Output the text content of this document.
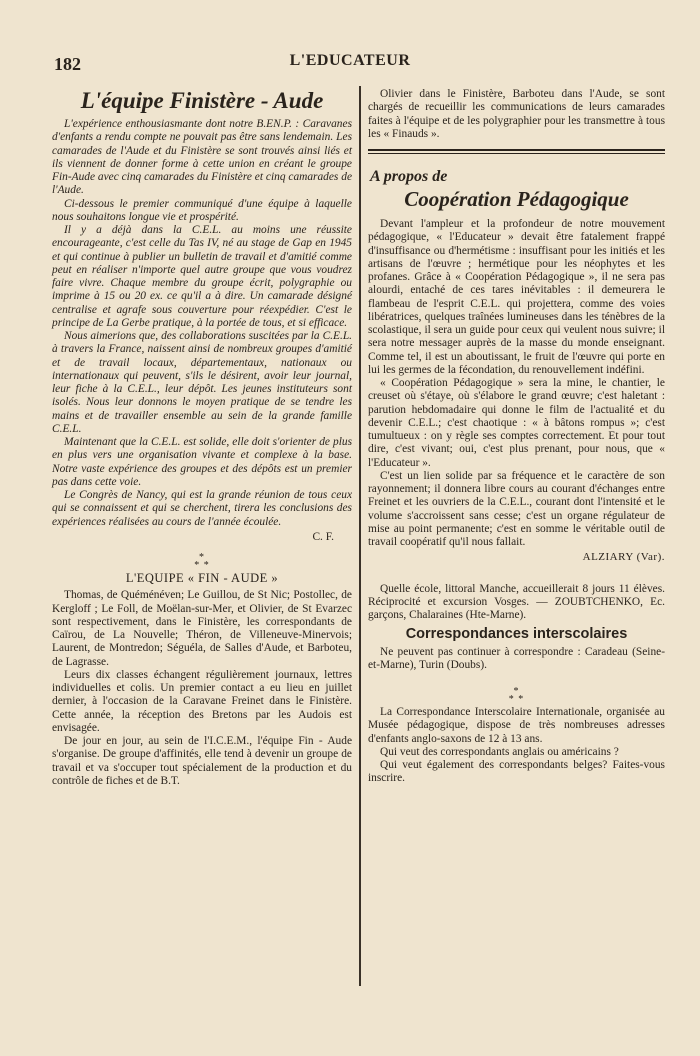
182	L'EDUCATEUR
L'équipe Finistère - Aude

L'expérience enthousiasmante dont notre B.EN.P. : Caravanes d'enfants a rendu compte ne pouvait pas être sans lendemain. Les camarades de l'Aude et du Finistère se sont trouvés ainsi liés et ils viennent de donner forme à cette union en créant le groupe Fin-Aude avec cinq camarades du Finistère et cinq camarades de l'Aude.

Ci-dessous le premier communiqué d'une équipe à laquelle nous souhaitons longue vie et prospérité.

Il y a déjà dans la C.E.L. au moins une réussite encourageante, c'est celle du Tas IV, né au stage de Gap en 1945 et qui continue à publier un bulletin de travail et d'amitié comme peut en réaliser n'importe quel autre groupe que vous voudrez faire vivre. Chaque membre du groupe écrit, polygraphie ou imprime à 15 ou 20 ex. ce qu'il a à dire. Un camarade désigné centralise et agrafe sous couverture pour réexpédier. C'est le principe de La Gerbe pratique, à la portée de tous, et si efficace.

Nous aimerions que, des collaborations suscitées par la C.E.L. à travers la France, naissent ainsi de nombreux groupes d'amitié et de travail locaux, départementaux, nationaux ou internationaux qui peuvent, s'ils le désirent, avoir leur journal, leur fiche à la C.E.L., leur dépôt. Les jeunes instituteurs sont isolés. Nous leur donnons le moyen pratique de se tendre les mains et de travailler ensemble au sein de la grande famille C.E.L.

Maintenant que la C.E.L. est solide, elle doit s'orienter de plus en plus vers une organisation vivante et complexe à la base. Notre vaste expérience des groupes et des dépôts est un premier pas dans cette voie.

Le Congrès de Nancy, qui est la grande réunion de tous ceux qui se connaissent et qui se cherchent, tirera les conclusions des expériences réalisées au cours de l'année écoulée.

C. F.
*
* *
L'EQUIPE « FIN - AUDE »

Thomas, de Quéménéven; Le Guillou, de St Nic; Postollec, de Kergloff ; Le Foll, de Moëlan-sur-Mer, et Olivier, de St Evarzec sont respectivement, dans le Finistère, les correspondants de Caïrou, de La Nouvelle; Théron, de Villeneuve-Minervois; Laurent, de Montredon; Séguéla, de Salles d'Aude, et Barboteu, de Lagrasse.

Leurs dix classes échangent régulièrement journaux, lettres individuelles et colis. Un premier contact a eu lieu en juillet dernier, à l'occasion de la Caravane Freinet dans le Finistère. Cette année, la réception des Bretons par les Audois est envisagée.

De jour en jour, au sein de l'I.C.E.M., l'équipe Fin - Aude s'organise. De groupe d'affinités, elle tend à devenir un groupe de travail et va s'occuper tout spécialement de la production et du contrôle de fiches et de B.T.

Olivier dans le Finistère, Barboteu dans l'Aude, se sont chargés de recueillir les communications de leurs camarades faites à l'équipe et de les polygraphier pour les transmettre à tous les « Finauds ».

A propos de
Coopération Pédagogique

Devant l'ampleur et la profondeur de notre mouvement pédagogique, « l'Educateur » devait être fatalement frappé d'insuffisance ou d'hermétisme : insuffisant pour les initiés et les artisans de l'œuvre ; hermétique pour les néophytes et les profanes. Grâce à « Coopération Pédagogique », il ne sera pas alourdi, entaché de ces tares inévitables : il demeurera le flambeau de l'esprit C.E.L. qui projettera, comme des voies libératrices, quelques traînées lumineuses dans les ténèbres de la scolastique, il sera un guide pour ceux qui veulent nous suivre; il sera notre messager auprès de la masse du monde enseignant. Comme tel, il est un aboutissant, le fruit de l'œuvre qui porte en lui les germes de la fécondation, du renouvellement indéfini.

« Coopération Pédagogique » sera la mine, le chantier, le creuset où s'étaye, où s'élabore le grand œuvre; c'est haletant : parution hebdomadaire qui donne le film de l'actualité et du devenir C.E.L.; c'est chaotique : « à bâtons rompus »; c'est tumultueux : on y règle ses comptes correctement. Et pour tout dire, c'est vivant; oui, c'est plus prenant, pour nous, que « l'Educateur ».

C'est un lien solide par sa fréquence et le caractère de son rayonnement; il donnera libre cours au courant d'échanges entre Freinet et les ouvriers de la C.E.L., courant dont l'intensité et le volume s'accroissent sans cesse; c'est un organe régulateur de mise au point permanente; c'est en somme le véritable outil de travail coopératif qu'il nous fallait.

ALZIARY (Var).

Quelle école, littoral Manche, accueillerait 8 jours 11 élèves. Réciprocité et excursion Vosges. — ZOUBTCHENKO, Ec. garçons, Chalaraines (Hte-Marne).

Correspondances interscolaires

Ne peuvent pas continuer à correspondre : Caradeau (Seine-et-Marne), Turin (Doubs).

*
* *

La Correspondance Interscolaire Internationale, organisée au Musée pédagogique, dispose de très nombreuses adresses d'enfants anglo-saxons de 12 à 13 ans.

Qui veut des correspondants anglais ou américains ?

Qui veut également des correspondants belges? Faites-vous inscrire.
